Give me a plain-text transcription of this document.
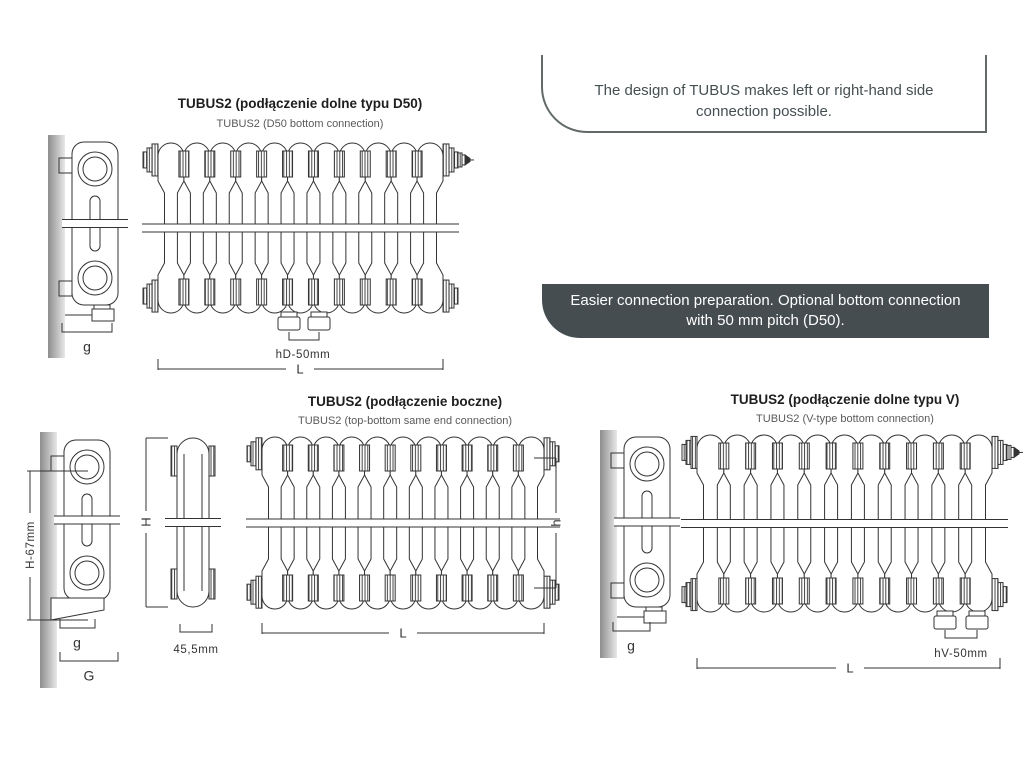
g
hD-50mm
L
H-67mm
g
G
H
45,5mm
h
L
g
hV-50mm
L
TUBUS2 (podłączenie dolne typu D50)
TUBUS2 (D50 bottom connection)
The design of TUBUS makes left or right-hand side connection possible.
Easier connection preparation. Optional bottom connection with 50 mm pitch (D50).
TUBUS2 (podłączenie boczne)
TUBUS2 (top-bottom same end connection)
TUBUS2 (podłączenie dolne typu V)
TUBUS2 (V-type bottom connection)
